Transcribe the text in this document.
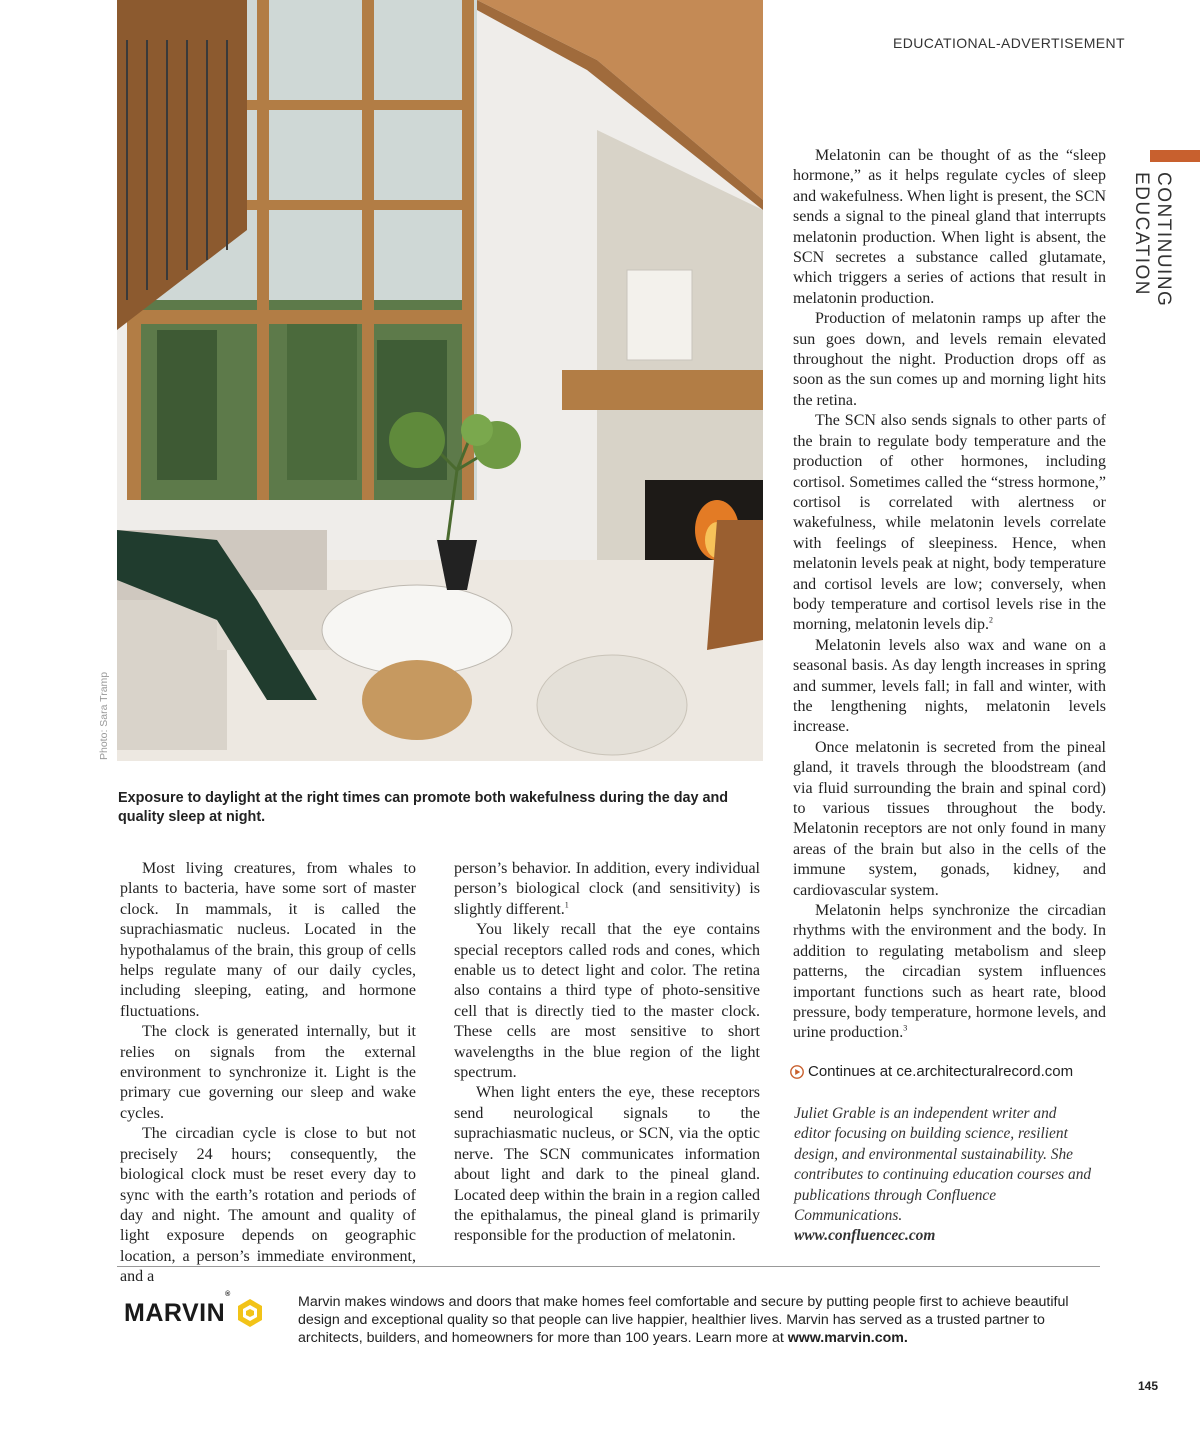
EDUCATIONAL-ADVERTISEMENT
CONTINUING EDUCATION
Photo: Sara Tramp

Exposure to daylight at the right times can promote both wakefulness during the day and quality sleep at night.

Most living creatures, from whales to plants to bacteria, have some sort of master clock. In mammals, it is called the suprachiasmatic nucleus. Located in the hypothalamus of the brain, this group of cells helps regulate many of our daily cycles, including sleeping, eating, and hormone fluctuations.

The clock is generated internally, but it relies on signals from the external environment to synchronize it. Light is the primary cue governing our sleep and wake cycles.

The circadian cycle is close to but not precisely 24 hours; consequently, the biological clock must be reset every day to sync with the earth’s rotation and periods of day and night. The amount and quality of light exposure depends on geographic location, a person’s immediate environment, and a

person’s behavior. In addition, every individual person’s biological clock (and sensitivity) is slightly different.$^1$

You likely recall that the eye contains special receptors called rods and cones, which enable us to detect light and color. The retina also contains a third type of photo-sensitive cell that is directly tied to the master clock. These cells are most sensitive to short wavelengths in the blue region of the light spectrum.

When light enters the eye, these receptors send neurological signals to the suprachiasmatic nucleus, or SCN, via the optic nerve. The SCN communicates information about light and dark to the pineal gland. Located deep within the brain in a region called the epithalamus, the pineal gland is primarily responsible for the production of melatonin.

Melatonin can be thought of as the “sleep hormone,” as it helps regulate cycles of sleep and wakefulness. When light is present, the SCN sends a signal to the pineal gland that interrupts melatonin production. When light is absent, the SCN secretes a substance called glutamate, which triggers a series of actions that result in melatonin production.

Production of melatonin ramps up after the sun goes down, and levels remain elevated throughout the night. Production drops off as soon as the sun comes up and morning light hits the retina.

The SCN also sends signals to other parts of the brain to regulate body temperature and the production of other hormones, including cortisol. Sometimes called the “stress hormone,” cortisol is correlated with alertness or wakefulness, while melatonin levels correlate with feelings of sleepiness. Hence, when melatonin levels peak at night, body temperature and cortisol levels are low; conversely, when body temperature and cortisol levels rise in the morning, melatonin levels dip.$^2$

Melatonin levels also wax and wane on a seasonal basis. As day length increases in spring and summer, levels fall; in fall and winter, with the lengthening nights, melatonin levels increase.

Once melatonin is secreted from the pineal gland, it travels through the bloodstream (and via fluid surrounding the brain and spinal cord) to various tissues throughout the body. Melatonin receptors are not only found in many areas of the brain but also in the cells of the immune system, gonads, kidney, and cardiovascular system.

Melatonin helps synchronize the circadian rhythms with the environment and the body. In addition to regulating metabolism and sleep patterns, the circadian system influences important functions such as heart rate, blood pressure, body temperature, hormone levels, and urine production.$^3$

Continues at ce.architecturalrecord.com

Juliet Grable is an independent writer and editor focusing on building science, resilient design, and environmental sustainability. She contributes to continuing education courses and publications through Confluence Communications.
www.confluencec.com

MARVIN®	Marvin makes windows and doors that make homes feel comfortable and secure by putting people first to achieve beautiful design and exceptional quality so that people can live happier, healthier lives. Marvin has served as a trusted partner to architects, builders, and homeowners for more than 100 years. Learn more at www.marvin.com.

145
